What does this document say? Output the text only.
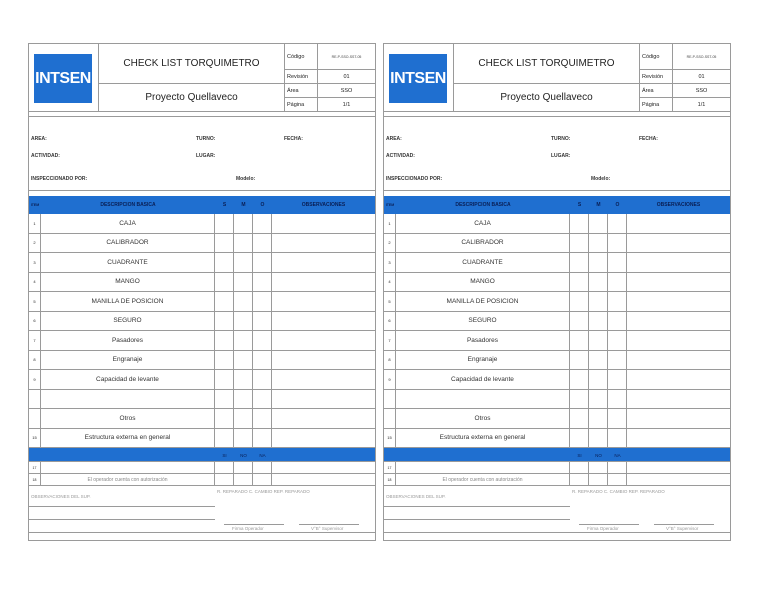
INTSEN
CHECK LIST TORQUIMETRO
Proyecto Quellaveco
Código	RE-P-SSO-SST-05
Revisión	01
Área	SSO
Página	1/1
AREA:	TURNO:	FECHA:
ACTIVIDAD:	LUGAR:
INSPECCIONADO POR:	Modelo:
ITEM	DESCRIPCION BASICA	S	M	O	OBSERVACIONES
1	CAJA
2	CALIBRADOR
3	CUADRANTE
4	MANGO
5	MANILLA DE POSICION
6	SEGURO
7	Pasadores
8	Engranaje
9	Capacidad de levante
Otros
15	Estructura externa en general
SI	NO	NA
17
18	El operador cuenta con autorización
OBSERVACIONES DEL SUP.
R. REPARADO C. CAMBIO REP. REPARADO
Firma Operador	V°B° Supervisor
INTSEN
CHECK LIST TORQUIMETRO
Proyecto Quellaveco
Código	RE-P-SSO-SST-05
Revisión	01
Área	SSO
Página	1/1
AREA:	TURNO:	FECHA:
ACTIVIDAD:	LUGAR:
INSPECCIONADO POR:	Modelo:
ITEM	DESCRIPCION BASICA	S	M	O	OBSERVACIONES
1	CAJA
2	CALIBRADOR
3	CUADRANTE
4	MANGO
5	MANILLA DE POSICION
6	SEGURO
7	Pasadores
8	Engranaje
9	Capacidad de levante
Otros
15	Estructura externa en general
SI	NO	NA
17
18	El operador cuenta con autorización
OBSERVACIONES DEL SUP.
R. REPARADO C. CAMBIO REP. REPARADO
Firma Operador	V°B° Supervisor
